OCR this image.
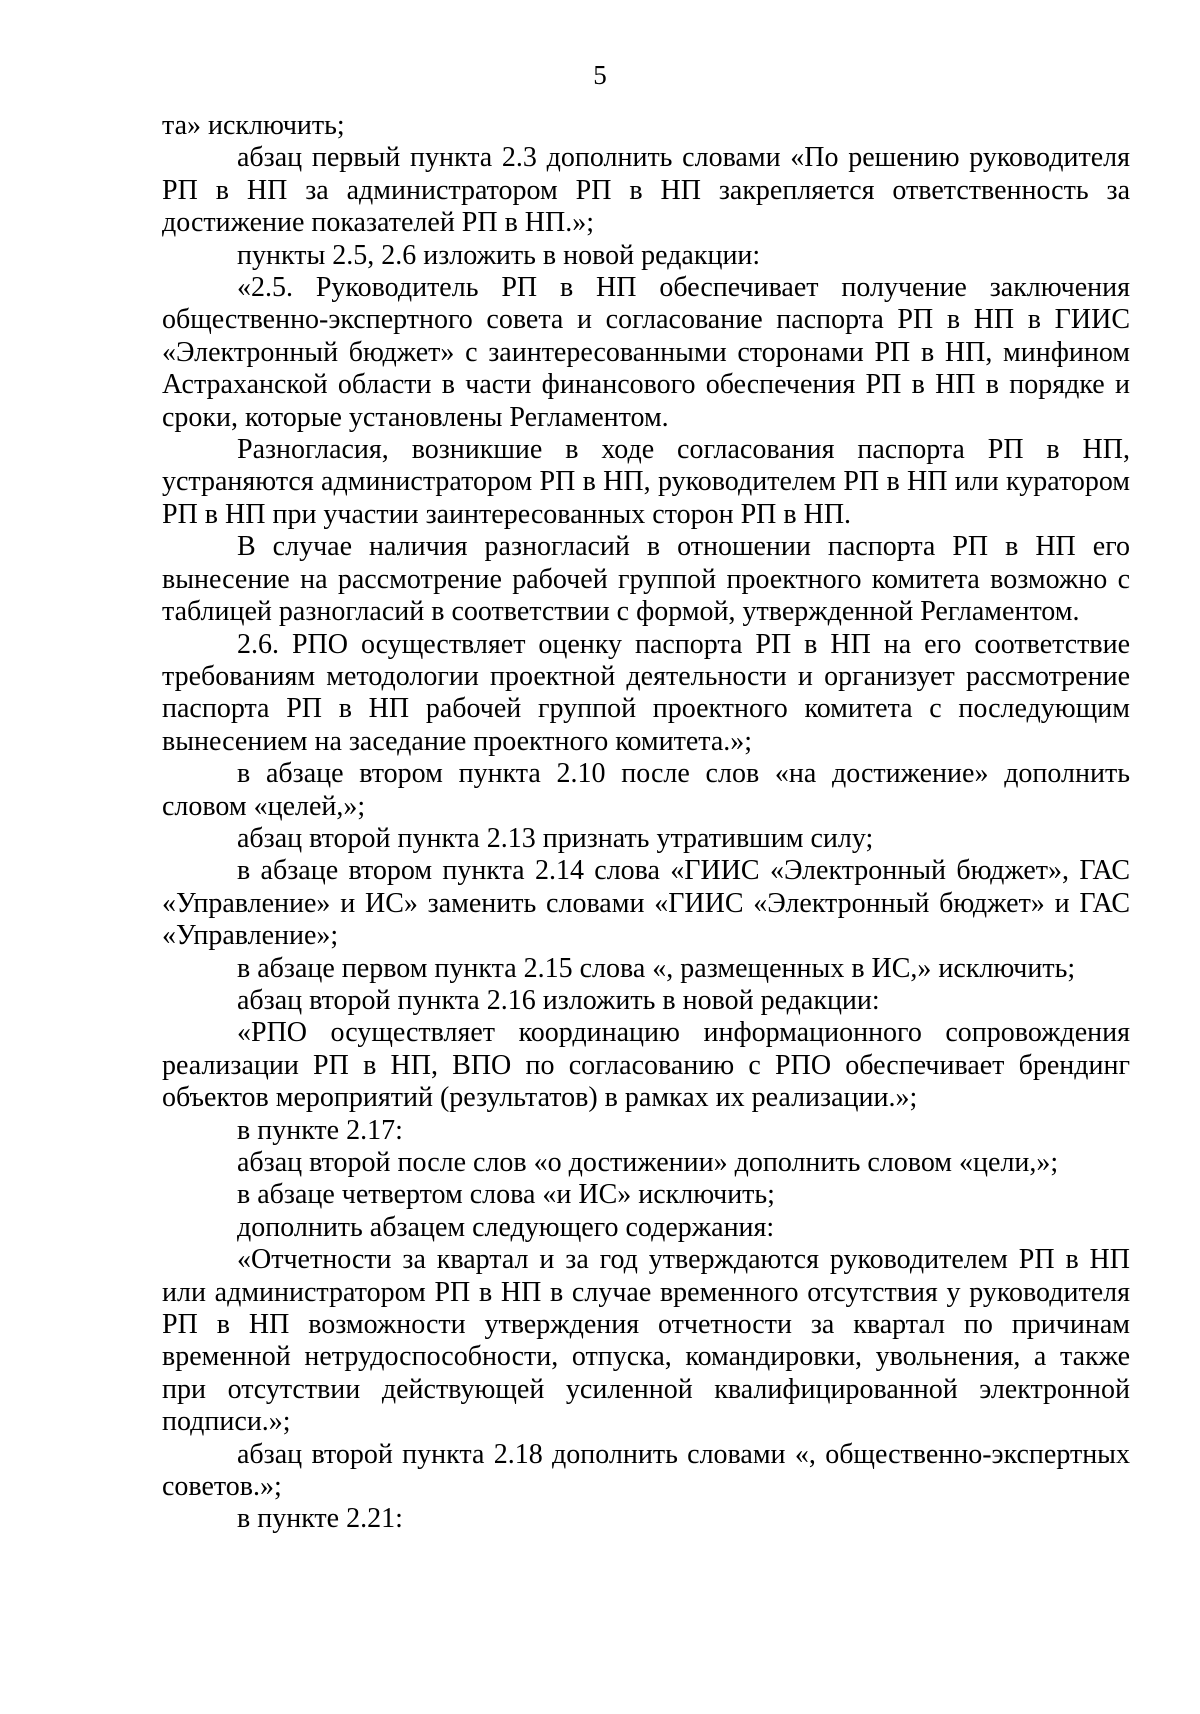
5

та» исключить;

абзац первый пункта 2.3 дополнить словами «По решению руководителя РП в НП за администратором РП в НП закрепляется ответственность за достижение показателей РП в НП.»;

пункты 2.5, 2.6 изложить в новой редакции:

«2.5. Руководитель РП в НП обеспечивает получение заключения общественно-экспертного совета и согласование паспорта РП в НП в ГИИС «Электронный бюджет» с заинтересованными сторонами РП в НП, минфином Астраханской области в части финансового обеспечения РП в НП в порядке и сроки, которые установлены Регламентом.

Разногласия, возникшие в ходе согласования паспорта РП в НП, устраняются администратором РП в НП, руководителем РП в НП или куратором РП в НП при участии заинтересованных сторон РП в НП.

В случае наличия разногласий в отношении паспорта РП в НП его вынесение на рассмотрение рабочей группой проектного комитета возможно с таблицей разногласий в соответствии с формой, утвержденной Регламентом.

2.6. РПО осуществляет оценку паспорта РП в НП на его соответствие требованиям методологии проектной деятельности и организует рассмотрение паспорта РП в НП рабочей группой проектного комитета с последующим вынесением на заседание проектного комитета.»;

в абзаце втором пункта 2.10 после слов «на достижение» дополнить словом «целей,»;

абзац второй пункта 2.13 признать утратившим силу;

в абзаце втором пункта 2.14 слова «ГИИС «Электронный бюджет», ГАС «Управление» и ИС» заменить словами «ГИИС «Электронный бюджет» и ГАС «Управление»;

в абзаце первом пункта 2.15 слова «, размещенных в ИС,» исключить;

абзац второй пункта 2.16 изложить в новой редакции:

«РПО осуществляет координацию информационного сопровождения реализации РП в НП, ВПО по согласованию с РПО обеспечивает брендинг объектов мероприятий (результатов) в рамках их реализации.»;

в пункте 2.17:

абзац второй после слов «о достижении» дополнить словом «цели,»;

в абзаце четвертом слова «и ИС» исключить;

дополнить абзацем следующего содержания:

«Отчетности за квартал и за год утверждаются руководителем РП в НП или администратором РП в НП в случае временного отсутствия у руководителя РП в НП возможности утверждения отчетности за квартал по причинам временной нетрудоспособности, отпуска, командировки, увольнения, а также при отсутствии действующей усиленной квалифицированной электронной подписи.»;

абзац второй пункта 2.18 дополнить словами «, общественно-экспертных советов.»;

в пункте 2.21:
